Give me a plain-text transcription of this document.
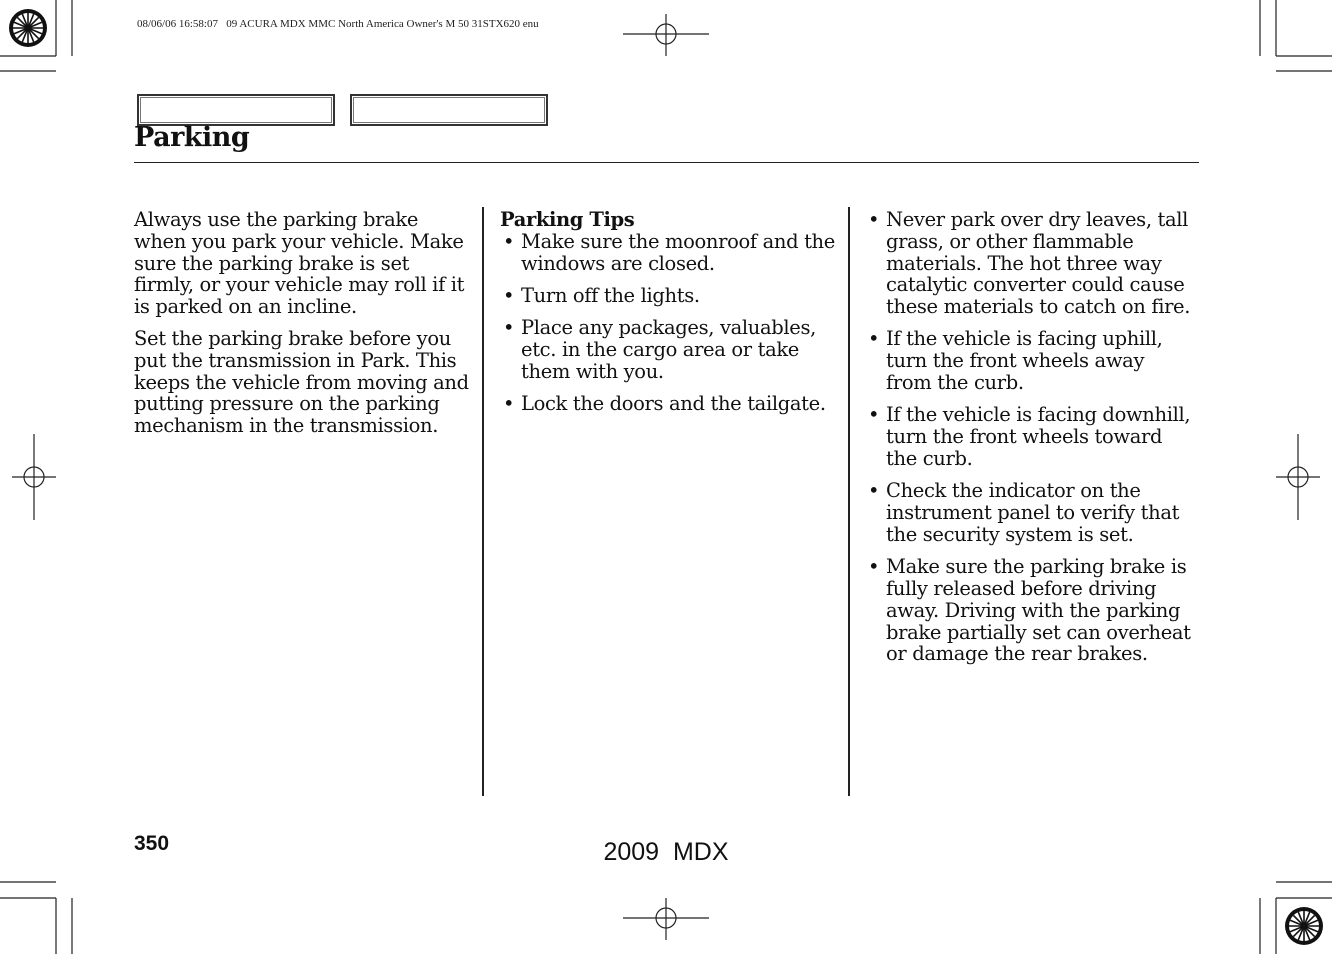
08/06/06 16:58:07   09 ACURA MDX MMC North America Owner's M 50 31STX620 enu
Parking

Always use the parking brake when you park your vehicle. Make sure the parking brake is set firmly, or your vehicle may roll if it is parked on an incline.

Set the parking brake before you put the transmission in Park. This keeps the vehicle from moving and putting pressure on the parking mechanism in the transmission.

Parking Tips
• Make sure the moonroof and the windows are closed.
• Turn off the lights.
• Place any packages, valuables, etc. in the cargo area or take them with you.
• Lock the doors and the tailgate.
• Never park over dry leaves, tall grass, or other flammable materials. The hot three way catalytic converter could cause these materials to catch on fire.
• If the vehicle is facing uphill, turn the front wheels away from the curb.
• If the vehicle is facing downhill, turn the front wheels toward the curb.
• Check the indicator on the instrument panel to verify that the security system is set.
• Make sure the parking brake is fully released before driving away. Driving with the parking brake partially set can overheat or damage the rear brakes.
350	2009  MDX
